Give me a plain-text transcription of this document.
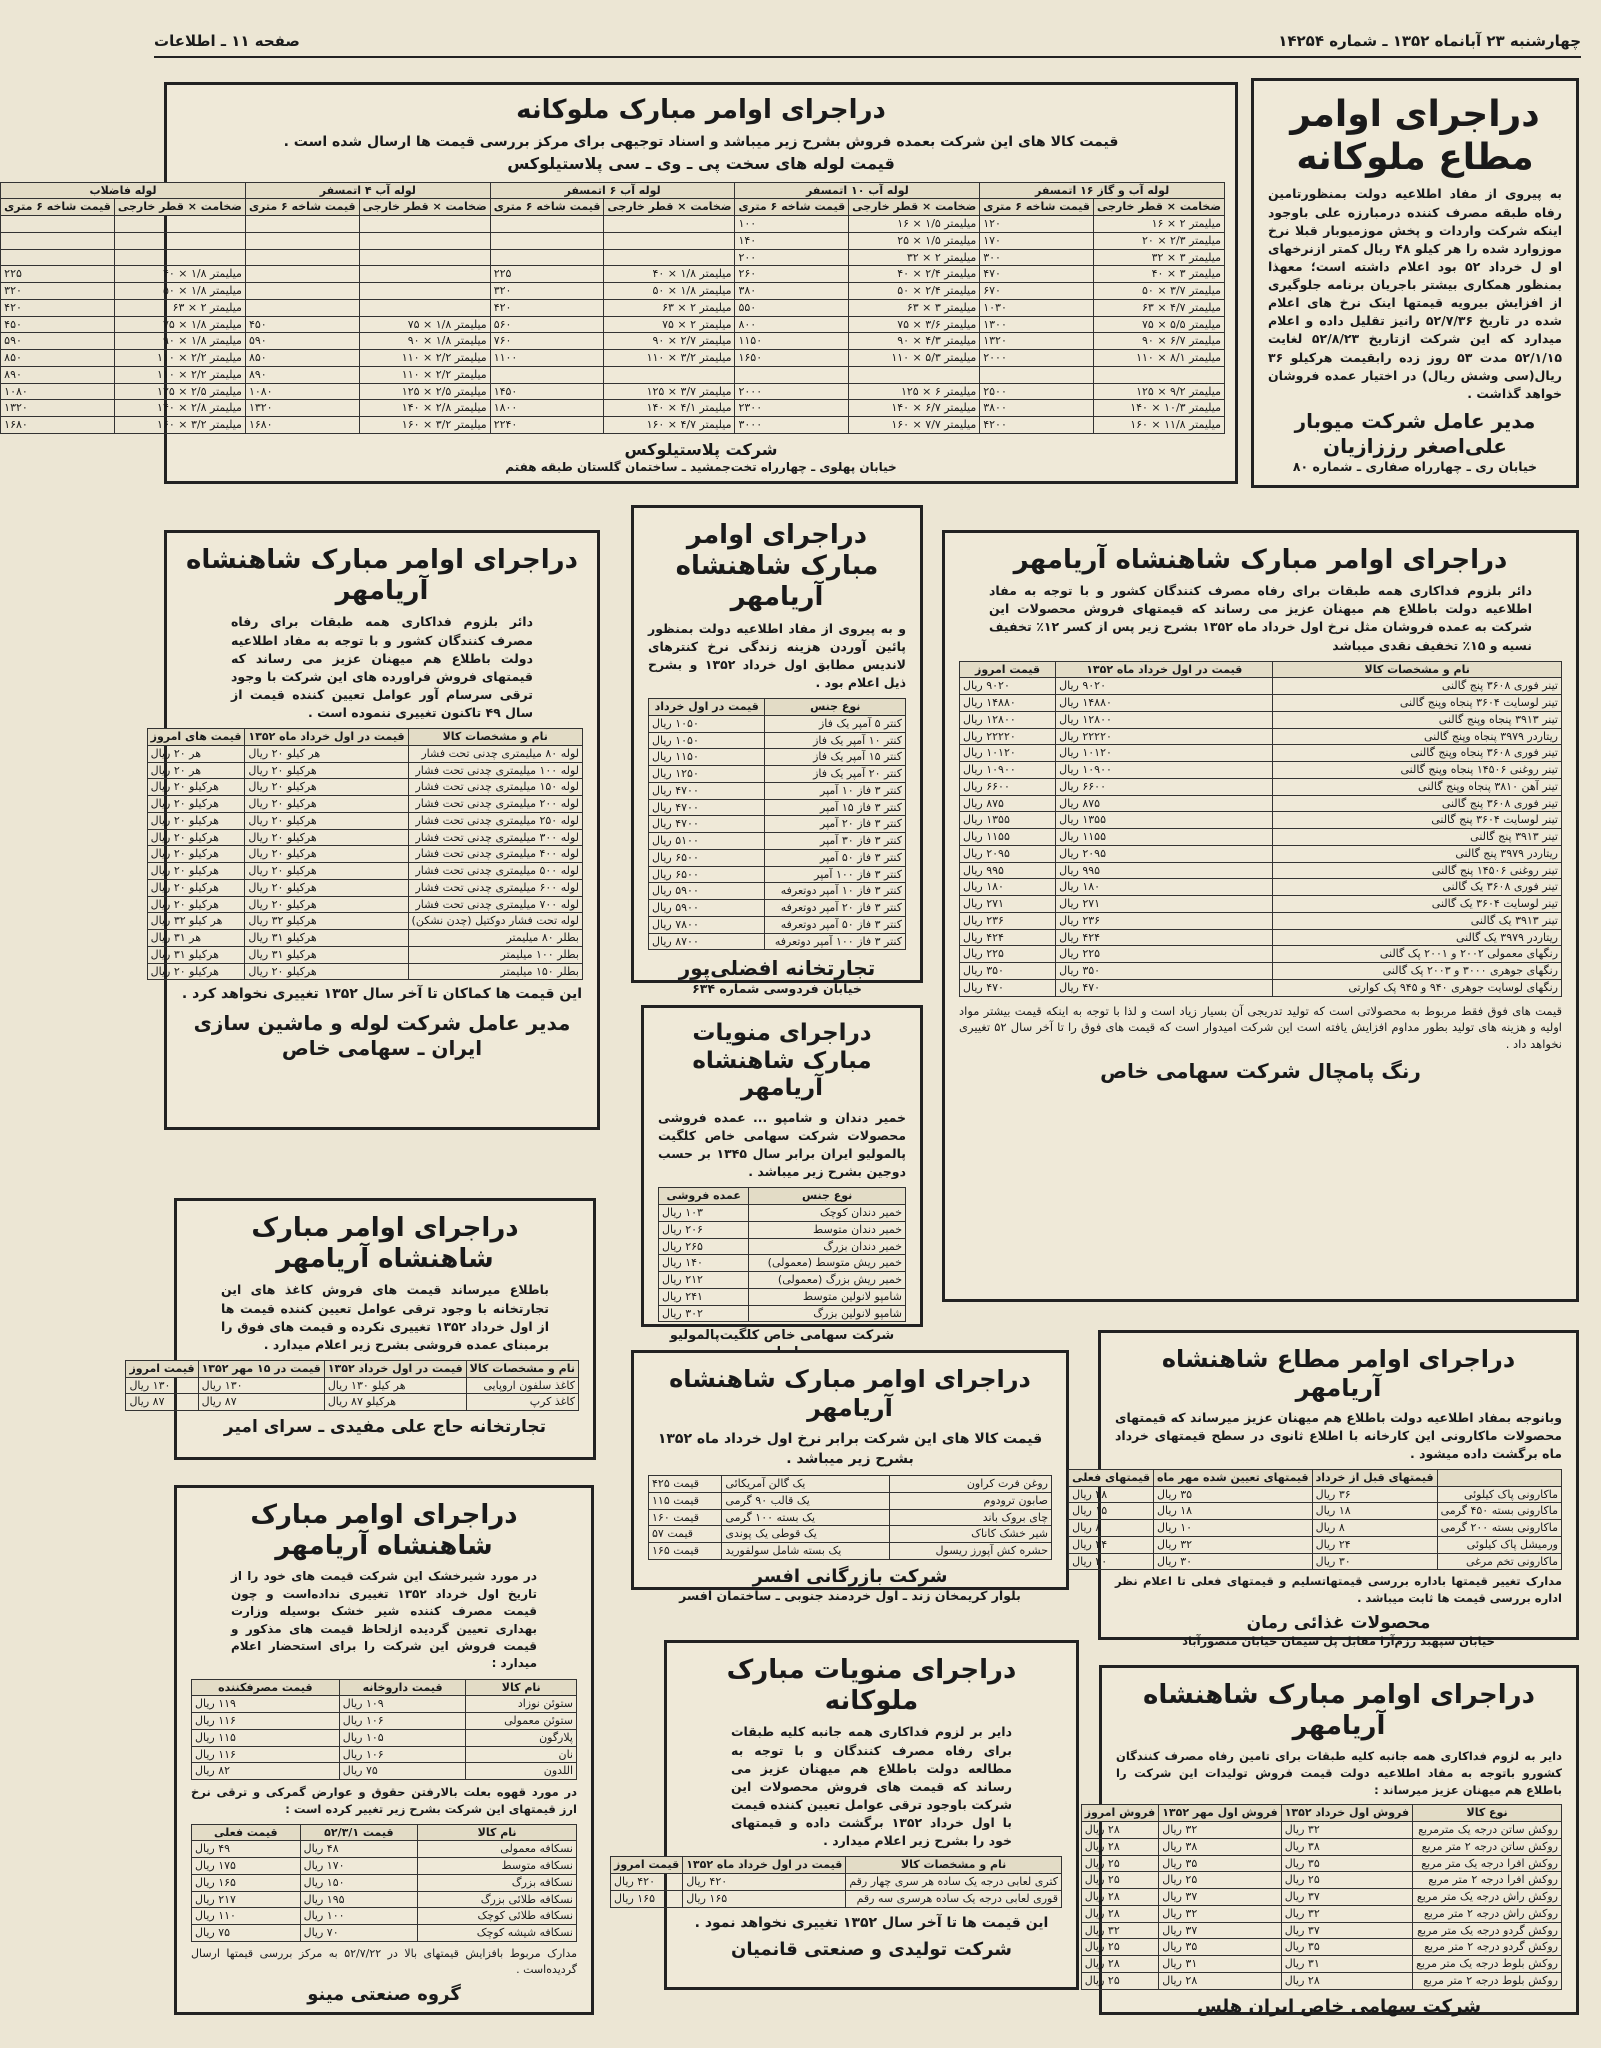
چهارشنبه ۲۳ آبانماه ۱۳۵۲ ـ شماره ۱۴۲۵۴
صفحه ۱۱ ـ اطلاعات
دراجرای اوامر مطاع ملوکانه
به پیروی از مفاد اطلاعیه دولت بمنظورتامین رفاه طبقه مصرف کننده درمبارزه علی باوجود اینکه شرکت واردات و پخش موزمیوبار قبلا نرخ موزوارد شده را هر کیلو ۴۸ ریال کمتر ازنرخهای او ل خرداد ۵۲ بود اعلام داشته است؛ معهذا بمنظور همکاری بیشتر باجریان برنامه جلوگیری از افزایش بیرویه قیمتها اینک نرخ های اعلام شده در تاریخ ۵۲/۷/۳۶ رانیز تقلیل داده و اعلام میدارد که این شرکت ازتاریخ ۵۲/۸/۲۳ لغایت ۵۲/۱/۱۵ مدت ۵۳ روز زده رابقیمت هرکیلو ۳۶ ریال(سی وشش ریال) در اختیار عمده فروشان خواهد گذاشت .
مدیر عامل شرکت میوبار علی‌اصغر رززازیان
خیابان ری ـ چهارراه صفاری ـ شماره ۸۰
دراجرای اوامر مبارک ملوکانه
قیمت کالا های این شرکت بعمده فروش بشرح زیر میباشد و اسناد توجیهی برای مرکز بررسی قیمت ها ارسال شده است .
قیمت لوله های سخت پی ـ وی ـ سی پلاستیلوکس
لوله آب و گاز ۱۶ اتمسفر		لوله آب ۱۰ اتمسفر		لوله آب ۶ اتمسفر		لوله آب ۴ اتمسفر		لوله فاضلاب	
ضخامت × قطر خارجی	قیمت شاخه ۶ متری	ضخامت × قطر خارجی	قیمت شاخه ۶ متری	ضخامت × قطر خارجی	قیمت شاخه ۶ متری	ضخامت × قطر خارجی	قیمت شاخه ۶ متری	ضخامت × قطر خارجی	قیمت شاخه ۶ متری
میلیمتر ۲ × ۱۶	۱۲۰	میلیمتر ۱/۵ × ۱۶	۱۰۰						
میلیمتر ۲/۳ × ۲۰	۱۷۰	میلیمتر ۱/۵ × ۲۵	۱۴۰						
میلیمتر ۳ × ۳۲	۳۰۰	میلیمتر ۲ × ۳۲	۲۰۰						
میلیمتر ۳ × ۴۰	۴۷۰	میلیمتر ۲/۴ × ۴۰	۲۶۰	میلیمتر ۱/۸ × ۴۰	۲۲۵			میلیمتر ۱/۸ × ۴۰	۲۲۵
میلیمتر ۳/۷ × ۵۰	۶۷۰	میلیمتر ۲/۴ × ۵۰	۳۸۰	میلیمتر ۱/۸ × ۵۰	۳۲۰			میلیمتر ۱/۸ × ۵۰	۳۲۰
میلیمتر ۴/۷ × ۶۳	۱۰۳۰	میلیمتر ۳ × ۶۳	۵۵۰	میلیمتر ۲ × ۶۳	۴۲۰			میلیمتر ۲ × ۶۳	۴۲۰
میلیمتر ۵/۵ × ۷۵	۱۳۰۰	میلیمتر ۳/۶ × ۷۵	۸۰۰	میلیمتر ۲ × ۷۵	۵۶۰	میلیمتر ۱/۸ × ۷۵	۴۵۰	میلیمتر ۱/۸ × ۷۵	۴۵۰
میلیمتر ۶/۷ × ۹۰	۱۳۲۰	میلیمتر ۴/۳ × ۹۰	۱۱۵۰	میلیمتر ۲/۷ × ۹۰	۷۶۰	میلیمتر ۱/۸ × ۹۰	۵۹۰	میلیمتر ۱/۸ × ۹۰	۵۹۰
میلیمتر ۸/۱ × ۱۱۰	۲۰۰۰	میلیمتر ۵/۳ × ۱۱۰	۱۶۵۰	میلیمتر ۳/۲ × ۱۱۰	۱۱۰۰	میلیمتر ۲/۲ × ۱۱۰	۸۵۰	میلیمتر ۲/۲ × ۱۱۰	۸۵۰
						میلیمتر ۲/۲ × ۱۱۰	۸۹۰	میلیمتر ۲/۲ × ۱۱۰	۸۹۰
میلیمتر ۹/۲ × ۱۲۵	۲۵۰۰	میلیمتر ۶ × ۱۲۵	۲۰۰۰	میلیمتر ۳/۷ × ۱۲۵	۱۴۵۰	میلیمتر ۲/۵ × ۱۲۵	۱۰۸۰	میلیمتر ۲/۵ × ۱۲۵	۱۰۸۰
میلیمتر ۱۰/۳ × ۱۴۰	۳۸۰۰	میلیمتر ۶/۷ × ۱۴۰	۲۳۰۰	میلیمتر ۴/۱ × ۱۴۰	۱۸۰۰	میلیمتر ۲/۸ × ۱۴۰	۱۳۲۰	میلیمتر ۲/۸ × ۱۴۰	۱۳۲۰
میلیمتر ۱۱/۸ × ۱۶۰	۴۲۰۰	میلیمتر ۷/۷ × ۱۶۰	۳۰۰۰	میلیمتر ۴/۷ × ۱۶۰	۲۲۴۰	میلیمتر ۳/۲ × ۱۶۰	۱۶۸۰	میلیمتر ۳/۲ × ۱۶۰	۱۶۸۰
شرکت پلاستیلوکس
خیابان پهلوی ـ چهارراه تخت‌جمشید ـ ساختمان گلستان طبقه هفتم
دراجرای اوامر مبارک شاهنشاه آریامهر
دائر بلزوم فداکاری همه طبقات برای رفاه مصرف کنندگان کشور و با توجه به مفاد اطلاعیه دولت باطلاع هم میهنان عزیز می رساند که قیمتهای فروش فراورده های این شرکت با وجود ترقی سرسام آور عوامل تعیین کننده قیمت از سال ۴۹ تاکنون تغییری ننموده است .
نام و مشخصات کالا	قیمت در اول خرداد ماه ۱۳۵۲	قیمت های امروز
لوله ۸۰ میلیمتری چدنی تحت فشار	هر کیلو ۲۰ ریال	هر ۲۰ ریال
لوله ۱۰۰ میلیمتری چدنی تحت فشار	هرکیلو ۲۰ ریال	هر ۲۰ ریال
لوله ۱۵۰ میلیمتری چدنی تحت فشار	هرکیلو ۲۰ ریال	هرکیلو ۲۰ ریال
لوله ۲۰۰ میلیمتری چدنی تحت فشار	هرکیلو ۲۰ ریال	هرکیلو ۲۰ ریال
لوله ۲۵۰ میلیمتری چدنی تحت فشار	هرکیلو ۲۰ ریال	هرکیلو ۲۰ ریال
لوله ۳۰۰ میلیمتری چدنی تحت فشار	هرکیلو ۲۰ ریال	هرکیلو ۲۰ ریال
لوله ۴۰۰ میلیمتری چدنی تحت فشار	هرکیلو ۲۰ ریال	هرکیلو ۲۰ ریال
لوله ۵۰۰ میلیمتری چدنی تحت فشار	هرکیلو ۲۰ ریال	هرکیلو ۲۰ ریال
لوله ۶۰۰ میلیمتری چدنی تحت فشار	هرکیلو ۲۰ ریال	هرکیلو ۲۰ ریال
لوله ۷۰۰ میلیمتری چدنی تحت فشار	هرکیلو ۲۰ ریال	هرکیلو ۲۰ ریال
لوله تحت فشار دوکتیل (چدن نشکن)	هرکیلو ۳۲ ریال	هر کیلو ۳۲ ریال
بطلر ۸۰ میلیمتر	هرکیلو ۳۱ ریال	هر ۳۱ ریال
بطلر ۱۰۰ میلیمتر	هرکیلو ۳۱ ریال	هرکیلو ۳۱ ریال
بطلر ۱۵۰ میلیمتر	هرکیلو ۲۰ ریال	هرکیلو ۲۰ ریال
این قیمت ها کماکان تا آخر سال ۱۳۵۲ تغییری نخواهد کرد .
مدیر عامل شرکت لوله و ماشین سازی ایران ـ سهامی خاص
دراجرای اوامر مبارک شاهنشاه آریامهر
و به پیروی از مفاد اطلاعیه دولت بمنظور پائین آوردن هزینه زندگی نرخ کنترهای لاندیس مطابق اول خرداد ۱۳۵۲ و بشرح ذیل اعلام بود .
نوع جنس	قیمت در اول خرداد
کنتر ۵ آمپر یک فاز	۱۰۵۰ ریال
کنتر ۱۰ آمپر یک فاز	۱۰۵۰ ریال
کنتر ۱۵ آمپر یک فاز	۱۱۵۰ ریال
کنتر ۲۰ آمپر یک فاز	۱۲۵۰ ریال
کنتر ۳ فاز ۱۰ آمپر	۴۷۰۰ ریال
کنتر ۳ فاز ۱۵ آمپر	۴۷۰۰ ریال
کنتر ۳ فاز ۲۰ آمپر	۴۷۰۰ ریال
کنتر ۳ فاز ۳۰ آمپر	۵۱۰۰ ریال
کنتر ۳ فاز ۵۰ آمپر	۶۵۰۰ ریال
کنتر ۳ فاز ۱۰۰ آمپر	۶۵۰۰ ریال
کنتر ۳ فاز ۱۰ آمپر دوتعرفه	۵۹۰۰ ریال
کنتر ۳ فاز ۲۰ آمپر دوتعرفه	۵۹۰۰ ریال
کنتر ۳ فاز ۵۰ آمپر دوتعرفه	۷۸۰۰ ریال
کنتر ۳ فاز ۱۰۰ آمپر دوتعرفه	۸۷۰۰ ریال
تجارتخانه افضلی‌پور
خیابان فردوسی شماره ۶۳۴
دراجرای اوامر مبارک شاهنشاه آریامهر
دائر بلزوم فداکاری همه طبقات برای رفاه مصرف کنندگان کشور و با توجه به مفاد اطلاعیه دولت باطلاع هم میهنان عزیز می رساند که قیمتهای فروش محصولات این شرکت به عمده فروشان مثل نرخ اول خرداد ماه ۱۳۵۲ بشرح زیر پس از کسر ۱۲٪ تخفیف نسیه و ۱۵٪ تخفیف نقدی میباشد
نام و مشخصات کالا	قیمت در اول خرداد ماه ۱۳۵۲	قیمت امروز
تینر فوری ۳۶۰۸ پنج گالنی	۹۰۲۰ ریال	۹۰۲۰ ریال
تینر لوسایت ۳۶۰۴ پنجاه وپنج گالنی	۱۴۸۸۰ ریال	۱۴۸۸۰ ریال
تینر ۳۹۱۳ پنجاه وپنج گالنی	۱۲۸۰۰ ریال	۱۲۸۰۰ ریال
ریتاردر ۳۹۷۹ پنجاه وپنج گالنی	۲۲۲۲۰ ریال	۲۲۲۲۰ ریال
تینر فوری ۳۶۰۸ پنجاه وپنج گالنی	۱۰۱۲۰ ریال	۱۰۱۲۰ ریال
تینر روغنی ۱۴۵۰۶ پنجاه وپنج گالنی	۱۰۹۰۰ ریال	۱۰۹۰۰ ریال
تینر آهن ۳۸۱۰ پنجاه وپنج گالنی	۶۶۰۰ ریال	۶۶۰۰ ریال
تینر فوری ۳۶۰۸ پنج گالنی	۸۷۵ ریال	۸۷۵ ریال
تینر لوسایت ۳۶۰۴ پنج گالنی	۱۳۵۵ ریال	۱۳۵۵ ریال
تینر ۳۹۱۳ پنج گالنی	۱۱۵۵ ریال	۱۱۵۵ ریال
ریتاردر ۳۹۷۹ پنج گالنی	۲۰۹۵ ریال	۲۰۹۵ ریال
تینر روغنی ۱۴۵۰۶ پنج گالنی	۹۹۵ ریال	۹۹۵ ریال
تینر فوری ۳۶۰۸ یک گالنی	۱۸۰ ریال	۱۸۰ ریال
تینر لوسایت ۳۶۰۴ یک گالنی	۲۷۱ ریال	۲۷۱ ریال
تینر ۳۹۱۳ یک گالنی	۲۳۶ ریال	۲۳۶ ریال
ریتاردر ۳۹۷۹ یک گالنی	۴۲۴ ریال	۴۲۴ ریال
رنگهای معمولی ۲۰۰۲ و ۲۰۰۱ پک گالنی	۲۲۵ ریال	۲۲۵ ریال
رنگهای جوهری ۳۰۰۰ و ۲۰۰۳ پک گالنی	۳۵۰ ریال	۳۵۰ ریال
رنگهای لوسایت جوهری ۹۴۰ و ۹۴۵ پک کوارتی	۴۷۰ ریال	۴۷۰ ریال
قیمت های فوق فقط مربوط به محصولاتی است که تولید تدریجی آن بسیار زیاد است و لذا با توجه به اینکه قیمت بیشتر مواد اولیه و هزینه های تولید بطور مداوم افزایش یافته است این شرکت امیدوار است که قیمت های فوق را تا آخر سال ۵۲ تغییری نخواهد داد .
رنگ پامچال شرکت سهامی خاص
دراجرای منویات مبارک شاهنشاه آریامهر
خمیر دندان و شامپو ... عمده فروشی محصولات شرکت سهامی خاص کلگیت پالمولیو ایران برابر سال ۱۳۴۵ بر حسب دوجین بشرح زیر میباشد .
نوع جنس	عمده فروشی
خمیر دندان کوچک	۱۰۳ ریال
خمیر دندان متوسط	۲۰۶ ریال
خمیر دندان بزرگ	۲۶۵ ریال
خمیر ریش متوسط (معمولی)	۱۴۰ ریال
خمیر ریش بزرگ (معمولی)	۲۱۲ ریال
شامپو لانولین متوسط	۲۴۱ ریال
شامپو لانولین بزرگ	۳۰۲ ریال
شرکت سهامی خاص کلگیت‌پالمولیو
دراجرای اوامر مبارک شاهنشاه آریامهر
باطلاع میرساند قیمت های فروش کاغذ های این تجارتخانه با وجود ترقی عوامل تعیین کننده قیمت ها از اول خرداد ۱۳۵۲ تغییری نکرده و قیمت های فوق را برمبنای عمده فروشی بشرح زیر اعلام میدارد .
نام و مشخصات کالا	قیمت در اول خرداد ۱۳۵۲	قیمت در ۱۵ مهر ۱۳۵۲	قیمت امروز
کاغذ سلفون اروپایی	هر کیلو ۱۳۰ ریال	۱۳۰ ریال	۱۳۰ ریال
کاغذ کرپ	هرکیلو ۸۷ ریال	۸۷ ریال	۸۷ ریال
تجارتخانه حاج علی مفیدی ـ سرای امیر
دراجرای اوامر مبارک شاهنشاه آریامهر
قیمت کالا های این شرکت برابر نرخ اول خرداد ماه ۱۳۵۲ بشرح زیر میباشد .
روغن فرت کراون	یک گالن آمریکائی	قیمت ۴۲۵
صابون ترودوم	یک قالب ۹۰ گرمی	قیمت ۱۱۵
چای بروک باند	یک بسته ۱۰۰ گرمی	قیمت ۱۶۰
شیر خشک کاناک	یک قوطی یک پوندی	قیمت ۵۷
حشره کش آپورز ریسول	یک بسته شامل سولفورید	قیمت ۱۶۵
شرکت بازرگانی افسر
بلوار کریمخان زند ـ اول خردمند جنوبی ـ ساختمان افسر
دراجرای اوامر مطاع شاهنشاه آریامهر
وبانوجه بمفاد اطلاعیه دولت باطلاع هم میهنان عزیز میرساند که قیمتهای محصولات ماکارونی این کارخانه با اطلاع ثانوی در سطح قیمتهای خرداد ماه برگشت داده میشود .
	قیمتهای قبل از خرداد	قیمتهای تعیین شده مهر ماه	قیمتهای فعلی
ماکارونی پاک کیلوئی	۳۶ ریال	۳۵ ریال	۲۸ ریال
ماکارونی بسته ۴۵۰ گرمی	۱۸ ریال	۱۸ ریال	۱۵ ریال
ماکارونی بسته ۲۰۰ گرمی	۸ ریال	۱۰ ریال	۸ ریال
ورمیشل پاک کیلوئی	۲۴ ریال	۳۲ ریال	۲۴ ریال
ماکارونی تخم مرغی	۳۰ ریال	۳۰ ریال	۳۰ ریال
مدارک تغییر قیمتها باداره بررسی قیمتهاتسلیم و قیمتهای فعلی تا اعلام نظر اداره بررسی قیمت ها ثابت میباشد .
محصولات غذائی رمان
خیابان سپهبد رزم‌آرا مقابل پل سیمان خیابان منصورآباد
دراجرای اوامر مبارک شاهنشاه آریامهر
در مورد شیرخشک این شرکت قیمت های خود را از تاریخ اول خرداد ۱۳۵۲ تغییری نداده‌است و چون قیمت مصرف کننده شیر خشک بوسیله وزارت بهداری تعیین گردیده ازلحاظ قیمت های مذکور و قیمت فروش این شرکت را برای استحضار اعلام میدارد :
نام کالا	قیمت داروخانه	قیمت مصرفکننده
ستوئن نوزاد	۱۰۹ ریال	۱۱۹ ریال
ستوئن معمولی	۱۰۶ ریال	۱۱۶ ریال
پلارگون	۱۰۵ ریال	۱۱۵ ریال
نان	۱۰۶ ریال	۱۱۶ ریال
اللدون	۷۵ ریال	۸۲ ریال
در مورد قهوه بعلت بالارفتن حقوق و عوارض گمرکی و ترقی نرخ ارز قیمتهای این شرکت بشرح زیر تغییر کرده است :
نام کالا	قیمت ۵۲/۳/۱	قیمت فعلی
نسکافه معمولی	۴۸ ریال	۴۹ ریال
نسکافه متوسط	۱۷۰ ریال	۱۷۵ ریال
نسکافه بزرگ	۱۵۰ ریال	۱۶۵ ریال
نسکافه طلائی بزرگ	۱۹۵ ریال	۲۱۷ ریال
نسکافه طلائی کوچک	۱۰۰ ریال	۱۱۰ ریال
نسکافه شیشه کوچک	۷۰ ریال	۷۵ ریال
مدارک مربوط بافزایش قیمتهای بالا در ۵۲/۷/۲۲ به مرکز بررسی قیمتها ارسال گردیده‌است .
گروه صنعتی مینو
دراجرای منویات مبارک ملوکانه
دایر بر لزوم فداکاری همه جانبه کلیه طبقات برای رفاه مصرف کنندگان و با توجه به مطالعه دولت باطلاع هم میهنان عزیز می رساند که قیمت های فروش محصولات این شرکت باوجود ترقی عوامل تعیین کننده قیمت با اول خرداد ۱۳۵۲ برگشت داده و قیمتهای خود را بشرح زیر اعلام میدارد .
نام و مشخصات کالا	قیمت در اول خرداد ماه ۱۳۵۲	قیمت امروز
کتری لعابی درجه یک ساده هر سری چهار رقم	۴۲۰ ریال	۴۲۰ ریال
قوری لعابی درجه یک ساده هرسری سه رقم	۱۶۵ ریال	۱۶۵ ریال
این قیمت ها تا آخر سال ۱۳۵۲ تغییری نخواهد نمود .
شرکت تولیدی و صنعتی قانمیان
دراجرای اوامر مبارک شاهنشاه آریامهر
دایر به لزوم فداکاری همه جانبه کلیه طبقات برای تامین رفاه مصرف کنندگان کشورو باتوجه به مفاد اطلاعیه دولت قیمت فروش تولیدات این شرکت را باطلاع هم میهنان عزیز میرساند :
نوع کالا	فروش اول خرداد ۱۳۵۲	فروش اول مهر ۱۳۵۲	فروش امروز
روکش ساتن درجه یک مترمربع	۳۲ ریال	۳۲ ریال	۲۸ ریال
روکش ساتن درجه ۲ متر مربع	۳۸ ریال	۳۸ ریال	۲۸ ریال
روکش افرا درجه یک متر مربع	۳۵ ریال	۳۵ ریال	۲۵ ریال
روکش افرا درجه ۲ متر مربع	۲۵ ریال	۲۵ ریال	۲۵ ریال
روکش راش درجه یک متر مربع	۳۷ ریال	۳۷ ریال	۲۸ ریال
روکش راش درجه ۲ متر مربع	۳۲ ریال	۳۲ ریال	۲۸ ریال
روکش گردو درجه یک متر مربع	۳۷ ریال	۳۷ ریال	۳۲ ریال
روکش گردو درجه ۲ متر مربع	۳۵ ریال	۳۵ ریال	۲۵ ریال
روکش بلوط درجه یک متر مربع	۳۱ ریال	۳۱ ریال	۲۸ ریال
روکش بلوط درجه ۲ متر مربع	۲۸ ریال	۲۸ ریال	۲۵ ریال
شرکت سهامی خاص ایران هلس
